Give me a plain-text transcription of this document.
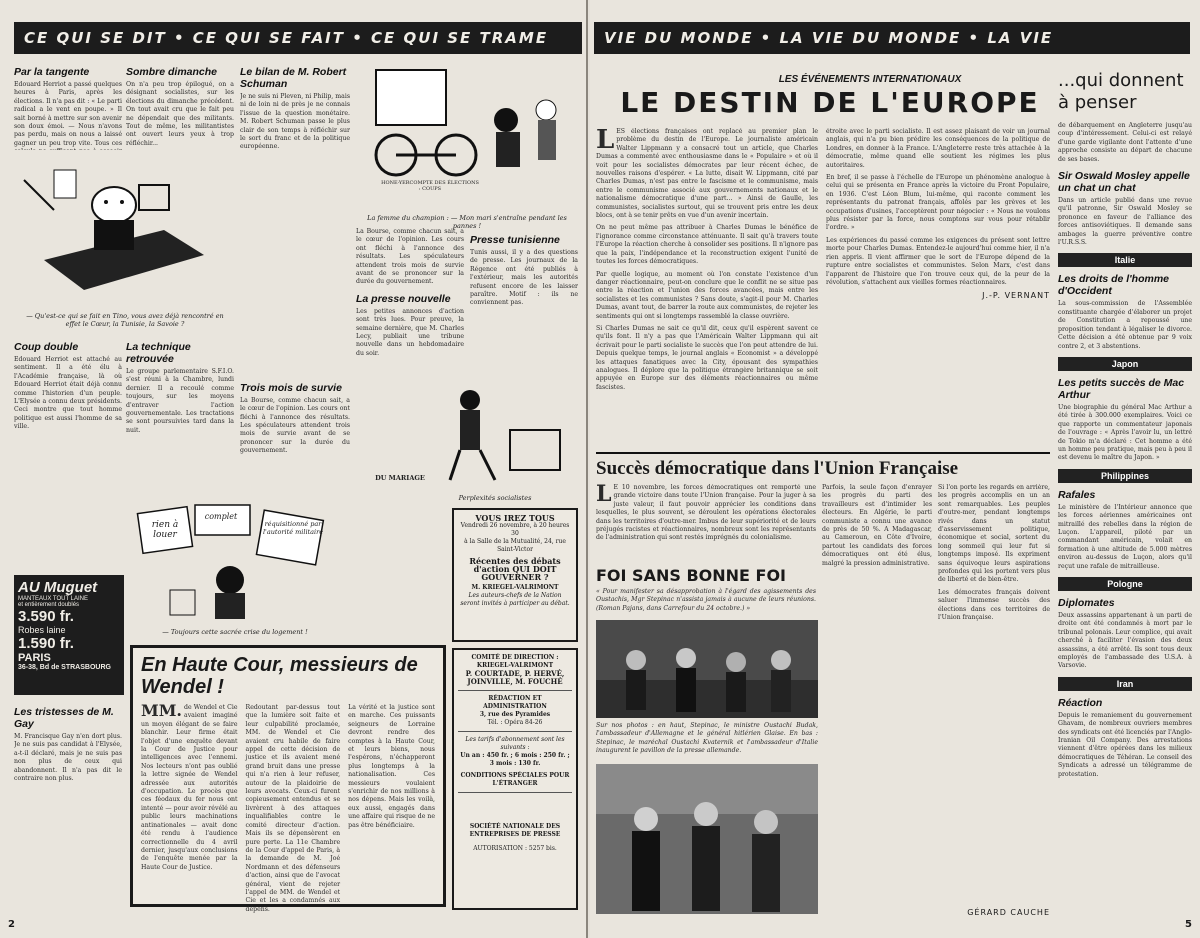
CE QUI SE DIT • CE QUI SE FAIT • CE QUI SE TRAME
Par la tangente
Edouard Herriot a passé quelques heures à Paris, après les élections. Il n'a pas dit : « Le parti radical a le vent en poupe. » Il sait borné à mettre sur son avenir son doux émoi. — Nous n'avons pas perdu, mais on nous a laissé gagner un peu trop vite. Tous ces
Sombre dimanche
On n'a peu trop épilogué, on a désignant socialistes, sur les élections du dimanche précédent. On tout avait cru que le fait peu ne dépendait que des militants. Tout de même, les militantistes ont ouvert leurs yeux à trop réfléchir...
Le bilan de M. Robert Schuman
Je ne suis ni Pleven, ni Philip, mais ni de loin ni de près je ne connais l'issue de la question monétaire. M. Robert Schuman passe le plus clair de son temps à réfléchir sur le sort du franc et de la politique européenne.
Trois mois de survie
La Bourse, comme chacun sait, a le cœur de l'opinion. Les cours ont fléchi à l'annonce des résultats. Les spéculateurs attendent trois mois de survie avant de se prononcer sur la durée du gouvernement.
— Qu'est-ce qui se fait en Tino, vous avez déjà rencontré en effet le Cœur, la Tunisie, la Savoie ?
Coup double
Edouard Herriot est attaché au sentiment. Il a été élu à l'Académie française, là où Edouard Herriot était déjà connu comme l'historien d'un peuple. L'Elysée a connu deux présidents. Ceci montre que tout homme politique est aussi l'homme de sa ville.
La technique retrouvée
Le groupe parlementaire S.F.I.O. s'est réuni à la Chambre, lundi dernier. Il a recoulé comme toujours, sur les moyens d'entraver l'action gouvernementale. Les tractations se sont poursuivies tard dans la nuit.
HONE-YERCOMPTE DES ÉLECTIONS : COUPS
La femme du champion : — Mon mari s'entraîne pendant les pannes !
La Bourse, comme chacun sait, a le cœur de l'opinion. Les cours ont fléchi à l'annonce des résultats. Les spéculateurs attendent trois mois de survie avant de se prononcer sur la durée du gouvernement.
La presse nouvelle
Les petites annonces d'action sont très lues. Pour preuve, la semaine dernière, que M. Charles Lecy, publiait une tribune nouvelle dans un hebdomadaire du soir.
Presse tunisienne
Tunis aussi, il y a des questions de presse. Les journaux de la Régence ont été publiés à l'extérieur, mais les autorités refusent encore de les laisser paraître. Motif : ils ne conviennent pas.
DU MARIAGE
Perplexités socialistes
rien à louer
complet
réquisitionné par l'autorité militaire
— Toujours cette sacrée crise du logement !
AU Muguet
MANTEAUX TOUT LAINE
et entièrement doublés
3.590 fr.
Robes laine
1.590 fr.
PARIS
36-38, Bd de STRASBOURG
Les tristesses de M. Gay
M. Francisque Gay n'en dort plus. Je ne suis pas candidat à l'Elysée, a-t-il déclaré, mais je ne suis pas non plus de ceux qui abandonnent. Il n'a pas dit le contraire non plus.
VOUS IREZ TOUS
Vendredi 26 novembre, à 20 heures 30
à la Salle de la Mutualité, 24, rue Saint-Victor
Récentes des débats d'action QUI DOIT GOUVERNER ?
M. KRIEGEL-VALRIMONT
Les auteurs-chefs de la Nation seront invités à participer au débat.
COMITÉ DE DIRECTION :
KRIEGEL-VALRIMONT
P. COURTADE, P. HERVÉ, JOINVILLE, M. FOUCHÉ
RÉDACTION ET ADMINISTRATION
3, rue des Pyramides
Tél. : Opéra 84-26
Les tarifs d'abonnement sont les suivants :
Un an : 450 fr. ; 6 mois : 250 fr. ; 3 mois : 130 fr.
CONDITIONS SPÉCIALES POUR L'ÉTRANGER
SOCIÉTÉ NATIONALE DES ENTREPRISES DE PRESSE
AUTORISATION : 5257 bis.
En Haute Cour, messieurs de Wendel !
MM. de Wendel et Cie avaient imaginé un moyen élégant de se faire blanchir. Leur firme était l'objet d'une enquête devant la Cour de Justice pour intelligences avec l'ennemi. Nos lecteurs n'ont pas oublié la lettre signée de Wendel adressée aux autorités d'occupation. Le procès que ces féodaux du fer nous ont intenté — pour avoir révélé au public leurs machinations antinationales — avait donc été rendu à l'audience correctionnelle du 4 avril dernier, jusqu'aux conclusions de l'enquête menée par la Haute Cour de Justice.
Redoutant par-dessus tout que la lumière soit faite et leur culpabilité proclamée, MM. de Wendel et Cie avaient cru habile de faire appel de cette décision de justice et ils avaient mené grand bruit dans une presse qui n'a rien à leur refuser, autour de la plaidoirie de leurs avocats. Ceux-ci furent copieusement entendus et se livrèrent à des attaques inqualifiables contre le comité directeur d'action. Mais ils se dépensèrent en pure perte. La 11e Chambre de la Cour d'appel de Paris, à la demande de M. Joé Nordmann et des défenseurs d'action, ainsi que de l'avocat général, vient de rejeter l'appel de MM. de Wendel et Cie et les a condamnés aux dépens.
La vérité et la justice sont en marche. Ces puissants seigneurs de Lorraine devront rendre des comptes à la Haute Cour, et leurs biens, nous l'espérons, n'échapperont plus longtemps à la nationalisation. Ces messieurs voulaient s'enrichir de nos millions à nos dépens. Mais les voilà, eux aussi, engagés dans une affaire qui risque de ne pas être bénéficiaire.
2
VIE DU MONDE • LA VIE DU MONDE • LA VIE
LES ÉVÉNEMENTS INTERNATIONAUX
LE DESTIN DE L'EUROPE
L ES élections françaises ont replacé au premier plan le problème du destin de l'Europe. Le journaliste américain Walter Lippmann y a consacré tout un article, que Charles Dumas a commenté avec enthousiasme dans le « Populaire » et où il voit pour les socialistes démocrates par leur récent échec, de nouvelles raisons d'espérer. « La lutte, disait W. Lippmann, cité par Charles Dumas, n'est pas entre le fascisme et le communisme, mais entre le communisme associé aux gouvernements nationaux et le nationalisme démocratique d'une part... » Ainsi de Gaulle, les communistes, socialistes surtout, qui se trouvent pris entre les deux blocs, ont à se tenir prêts en vue d'un avenir incertain.
On ne peut même pas attribuer à Charles Dumas le bénéfice de l'ignorance comme circonstance atténuante. Il sait qu'à travers toute l'Europe la réaction cherche à consolider ses positions. Il n'ignore pas que la paix, l'indépendance et la reconstruction exigent l'unité de toutes les forces démocratiques.
Par quelle logique, au moment où l'on constate l'existence d'un danger réactionnaire, peut-on conclure que le conflit ne se situe pas entre la réaction et l'union des forces avancées, mais entre les socialistes et les communistes ? Sans doute, s'agit-il pour M. Charles Dumas, avant tout, de barrer la route aux communistes, de rejeter les sentiments qui ont si longtemps rassemblé la classe ouvrière.
Si Charles Dumas ne sait ce qu'il dit, ceux qu'il espèrent savent ce qu'ils font. Il n'y a pas que l'Américain Walter Lippmann qui ait écrivait pour le parti socialiste le succès que l'on peut attendre de lui. Depuis quelque temps, le journal anglais « Economist » a développé les attaques fanatiques avec la City, épousant des sympathies analogues. Il déplore que la politique étrangère britannique se soit appuyée en Europe sur des éléments réactionnaires ou même fascistes.
étroite avec le parti socialiste. Il est assez plaisant de voir un journal anglais, qui n'a pu bien prédire les conséquences de la politique de Londres, en donner à la France. L'Angleterre reste très attachée à la démocratie, même quand elle soutient les régimes les plus autoritaires.
En bref, il se passe à l'échelle de l'Europe un phénomène analogue à celui qui se présenta en France après la victoire du Front Populaire, en 1936. C'est Léon Blum, lui-même, qui raconte comment les représentants du patronat français, affolés par les grèves et les occupations d'usines, l'acceptèrent pour négocier : « Nous ne voulons plus résister par la force, nous comptons sur vous pour rétablir l'ordre. »
Les expériences du passé comme les exigences du présent sont lettre morte pour Charles Dumas. Entendez-le aujourd'hui comme hier, il n'a rien appris. Il vient affirmer que le sort de l'Europe dépend de la rupture entre socialistes et communistes. Selon Marx, c'est dans l'apparent de l'histoire que l'on trouve ceux qui, de la peur de la révolution, s'attachent aux vieilles formes réactionnaires.
J.-P. VERNANT
Succès démocratique dans l'Union Française
L E 10 novembre, les forces démocratiques ont remporté une grande victoire dans toute l'Union française. Pour la juger à sa juste valeur, il faut pouvoir apprécier les conditions dans lesquelles, le plus souvent, se déroulent les opérations électorales dans les territoires d'outre-mer. Imbus de leur supériorité et de leurs préjugés racistes et réactionnaires, nombreux sont les représentants de l'administration qui sont restés imprégnés du colonialisme.
Parfois, la seule façon d'enrayer les progrès du parti des travailleurs est d'intimider les électeurs. En Algérie, le parti communiste a connu une avance de près de 50 %. A Madagascar, au Cameroun, en Côte d'Ivoire, partout les candidats des forces démocratiques ont été élus, malgré la pression administrative.
Si l'on porte les regards en arrière, les progrès accomplis en un an sont remarquables. Les peuples d'outre-mer, pendant longtemps rivés dans un statut d'asservissement politique, économique et social, sortent du long sommeil qui leur fut si longtemps imposé. Ils expriment sans équivoque leurs aspirations profondes qui les portent vers plus de liberté et de bien-être.
Les démocrates français doivent saluer l'immense succès des élections dans ces territoires de l'Union française.
GÉRARD CAUCHE
FOI SANS BONNE FOI
« Pour manifester sa désapprobation à l'égard des agissements des Oustachis, Mgr Stepinac n'assista jamais à aucune de leurs réunions. (Roman Pajans, dans Carrefour du 24 octobre.) »
Sur nos photos : en haut, Stepinac, le ministre Oustachi Budak, l'ambassadeur d'Allemagne et le général hitlérien Glaise. En bas : Stepinac, le maréchal Oustachi Kvaternik et l'ambassadeur d'Italie inaugurent le pavillon de la presse allemande.
...qui donnent à penser
de débarquement en Angleterre jusqu'au coup d'intéressement. Celui-ci est relayé d'une garde vigilante dont l'attente d'une approche consiste au départ de chacune de ses bases.
Sir Oswald Mosley appelle un chat un chat
Dans un article publié dans une revue qu'il patronne, Sir Oswald Mosley se prononce en faveur de l'alliance des forces antisoviétiques. Il demande sans ambages la guerre préventive contre l'U.R.S.S.
Italie
Les droits de l'homme d'Occident
La sous-commission de l'Assemblée constituante chargée d'élaborer un projet de Constitution a repoussé une proposition tendant à légaliser le divorce. Cette décision a été obtenue par 9 voix contre 2, et 3 abstentions.
Japon
Les petits succès de Mac Arthur
Une biographie du général Mac Arthur a été tirée à 300.000 exemplaires. Voici ce que rapporte un commentateur japonais de l'ouvrage : « Après l'avoir lu, un lettré de Tokio m'a déclaré : Cet homme a été un homme peu pratique, mais peu à peu il est devenu le maître du Japon. »
Philippines
Rafales
Le ministère de l'Intérieur annonce que les forces aériennes américaines ont mitraillé des rebelles dans la région de Luçon. L'appareil, piloté par un commandant américain, volait en formation à une altitude de 5.000 mètres environ au-dessus de Luçon, alors qu'il reçut une rafale de mitrailleuse.
Pologne
Diplomates
Deux assassins appartenant à un parti de droite ont été condamnés à mort par le tribunal polonais. Leur complice, qui avait cherché à faciliter l'évasion des deux assassins, a été arrêté. Ils sont tous deux employés de l'ambassade des U.S.A. à Varsovie.
Iran
Réaction
Depuis le remaniement du gouvernement Ghavam, de nombreux ouvriers membres des syndicats ont été licenciés par l'Anglo-Iranian Oil Company. Des arrestations viennent d'être opérées dans les milieux démocratiques de Téhéran. Le conseil des Syndicats a adressé un télégramme de protestation.
5
